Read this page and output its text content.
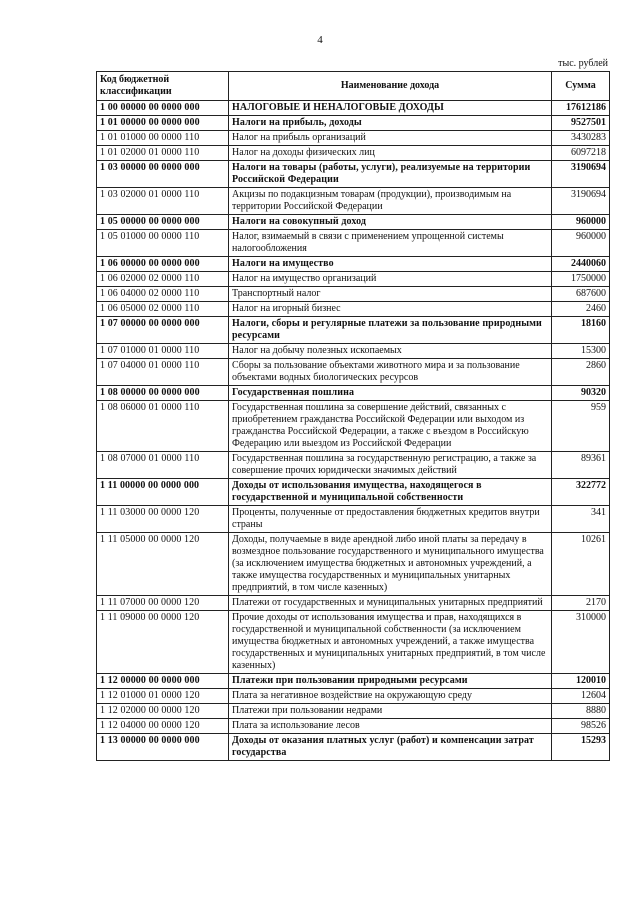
4
тыс. рублей
Код бюджетной классификации	Наименование дохода	Сумма
1 00 00000 00 0000 000	НАЛОГОВЫЕ И НЕНАЛОГОВЫЕ ДОХОДЫ	17612186
1 01 00000 00 0000 000	Налоги на прибыль, доходы	9527501
1 01 01000 00 0000 110	Налог на прибыль организаций	3430283
1 01 02000 01 0000 110	Налог на доходы физических лиц	6097218
1 03 00000 00 0000 000	Налоги на товары (работы, услуги), реализуемые на территории Российской Федерации	3190694
1 03 02000 01 0000 110	Акцизы по подакцизным товарам (продукции), производимым на территории Российской Федерации	3190694
1 05 00000 00 0000 000	Налоги на совокупный доход	960000
1 05 01000 00 0000 110	Налог, взимаемый в связи с применением упрощенной системы налогообложения	960000
1 06 00000 00 0000 000	Налоги на имущество	2440060
1 06 02000 02 0000 110	Налог на имущество организаций	1750000
1 06 04000 02 0000 110	Транспортный налог	687600
1 06 05000 02 0000 110	Налог на игорный бизнес	2460
1 07 00000 00 0000 000	Налоги, сборы и регулярные платежи за пользование природными ресурсами	18160
1 07 01000 01 0000 110	Налог на добычу полезных ископаемых	15300
1 07 04000 01 0000 110	Сборы за пользование объектами животного мира и за пользование объектами водных биологических ресурсов	2860
1 08 00000 00 0000 000	Государственная пошлина	90320
1 08 06000 01 0000 110	Государственная пошлина за совершение действий, связанных с приобретением гражданства Российской Федерации или выходом из гражданства Российской Федерации, а также с въездом в Российскую Федерацию или выездом из Российской Федерации	959
1 08 07000 01 0000 110	Государственная пошлина за государственную регистрацию, а также за совершение прочих юридически значимых действий	89361
1 11 00000 00 0000 000	Доходы от использования имущества, находящегося в государственной и муниципальной собственности	322772
1 11 03000 00 0000 120	Проценты, полученные от предоставления бюджетных кредитов внутри страны	341
1 11 05000 00 0000 120	Доходы, получаемые в виде арендной либо иной платы за передачу в возмездное пользование государственного и муниципального имущества (за исключением имущества бюджетных и автономных учреждений, а также имущества государственных и муниципальных унитарных предприятий, в том числе казенных)	10261
1 11 07000 00 0000 120	Платежи от государственных и муниципальных унитарных предприятий	2170
1 11 09000 00 0000 120	Прочие доходы от использования имущества и прав, находящихся в государственной и муниципальной собственности (за исключением имущества бюджетных и автономных учреждений, а также имущества государственных и муниципальных унитарных предприятий, в том числе казенных)	310000
1 12 00000 00 0000 000	Платежи при пользовании природными ресурсами	120010
1 12 01000 01 0000 120	Плата за негативное воздействие на окружающую среду	12604
1 12 02000 00 0000 120	Платежи при пользовании недрами	8880
1 12 04000 00 0000 120	Плата за использование лесов	98526
1 13 00000 00 0000 000	Доходы от оказания платных услуг (работ) и компенсации затрат государства	15293
